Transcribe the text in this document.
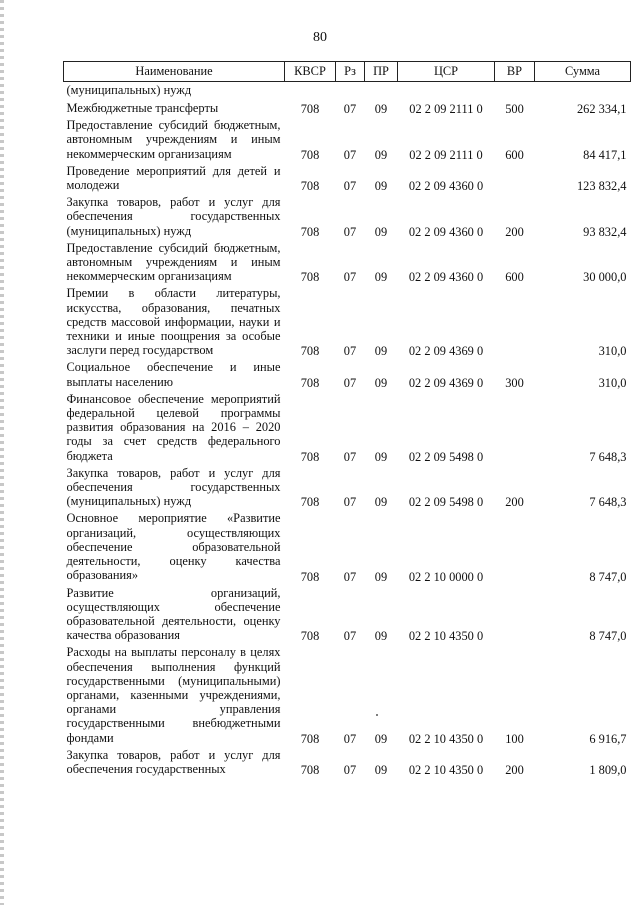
80
Наименование	КВСР	Рз	ПР	ЦСР	ВР	Сумма
(муниципальных) нужд						
Межбюджетные трансферты	708	07	09	02 2 09 2111 0	500	262 334,1
Предоставление субсидий бюджетным, автономным учреждениям и иным некоммерческим организациям	708	07	09	02 2 09 2111 0	600	84 417,1
Проведение мероприятий для детей и молодежи	708	07	09	02 2 09 4360 0		123 832,4
Закупка товаров, работ и услуг для обеспечения государственных (муниципальных) нужд	708	07	09	02 2 09 4360 0	200	93 832,4
Предоставление субсидий бюджетным, автономным учреждениям и иным некоммерческим организациям	708	07	09	02 2 09 4360 0	600	30 000,0
Премии в области литературы, искусства, образования, печатных средств массовой информации, науки и техники и иные поощрения за особые заслуги перед государством	708	07	09	02 2 09 4369 0		310,0
Социальное обеспечение и иные выплаты населению	708	07	09	02 2 09 4369 0	300	310,0
Финансовое обеспечение мероприятий федеральной целевой программы развития образования на 2016 – 2020 годы за счет средств федерального бюджета	708	07	09	02 2 09 5498 0		7 648,3
Закупка товаров, работ и услуг для обеспечения государственных (муниципальных) нужд	708	07	09	02 2 09 5498 0	200	7 648,3
Основное мероприятие «Развитие организаций, осуществляющих обеспечение образовательной деятельности, оценку качества образования»	708	07	09	02 2 10 0000 0		8 747,0
Развитие организаций, осуществляющих обеспечение образовательной деятельности, оценку качества образования	708	07	09	02 2 10 4350 0		8 747,0
Расходы на выплаты персоналу в целях обеспечения выполнения функций государственными (муниципальными) органами, казенными учреждениями, органами управления государственными внебюджетными фондами	708	07	09	02 2 10 4350 0	100	6 916,7
Закупка товаров, работ и услуг для обеспечения государственных	708	07	09	02 2 10 4350 0	200	1 809,0
